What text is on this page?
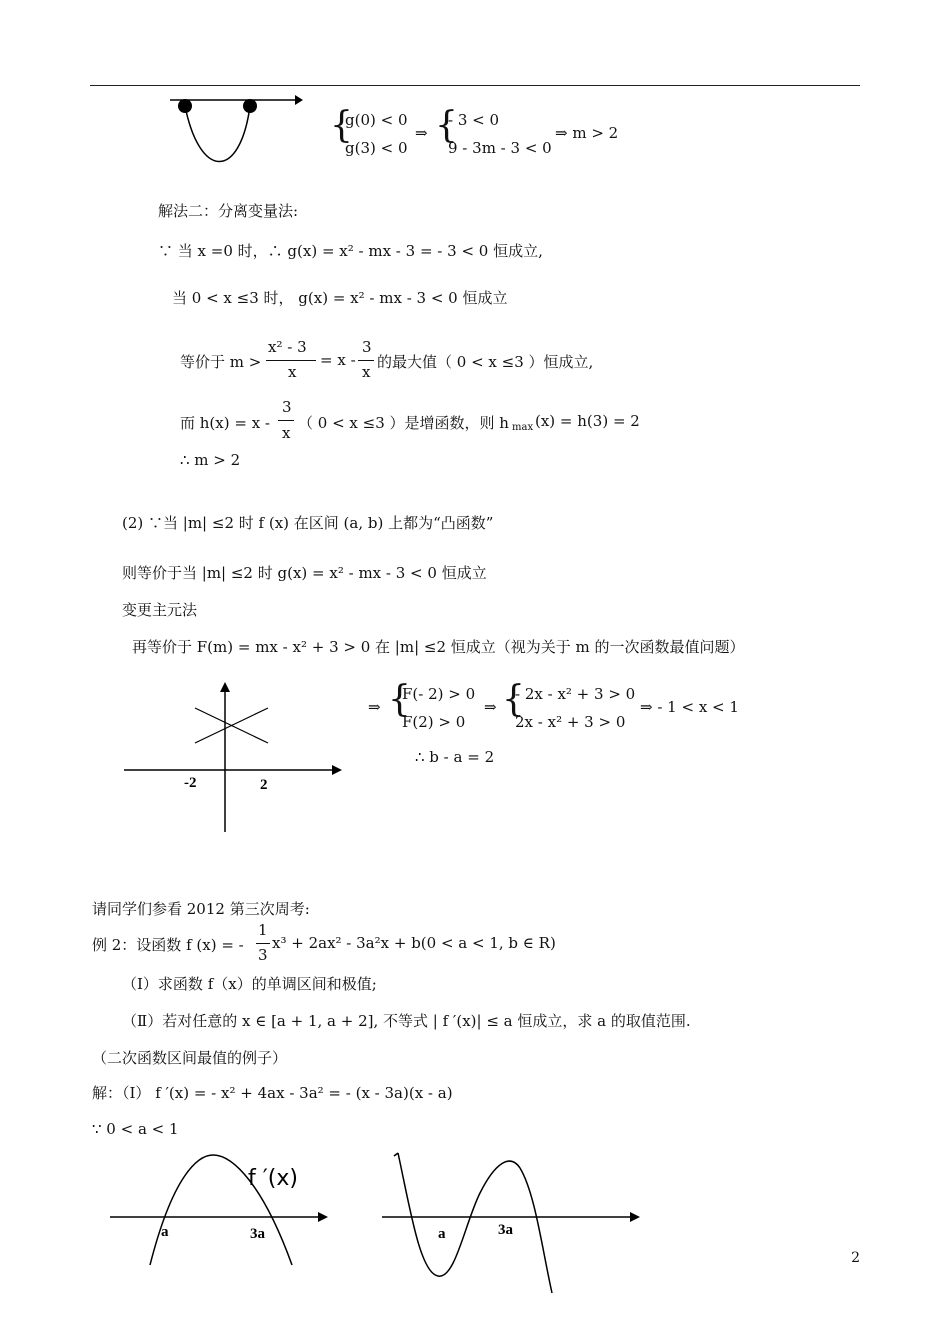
{
g(0) < 0
g(3) < 0
⇒ {
- 3 < 0
9 - 3m - 3 < 0
⇒ m > 2
解法二：分离变量法:
∵ 当 x =0 时，∴ g(x) = x² - mx - 3 = - 3 < 0 恒成立,
当 0 < x ≤3 时， g(x) = x² - mx - 3 < 0 恒成立
等价于 m >
x² - 3
x
= x -
3
x
的最大值（ 0 < x ≤3 ）恒成立,
而 h(x) = x -
3
x
（ 0 < x ≤3 ）是增函数，则 h max (x) = h(3) = 2
∴ m > 2
(2) ∵当 |m| ≤2 时 f (x) 在区间 (a, b) 上都为“凸函数”
则等价于当 |m| ≤2 时 g(x) = x² - mx - 3 < 0 恒成立
变更主元法
再等价于 F(m) = mx - x² + 3 > 0 在 |m| ≤2 恒成立（视为关于 m 的一次函数最值问题）
-2	2
⇒ {
F(- 2) > 0
F(2) > 0
⇒ {
- 2x - x² + 3 > 0
2x - x² + 3 > 0
⇒ - 1 < x < 1
∴ b - a = 2
请同学们参看 2012 第三次周考:
例 2：设函数 f (x) = -
1
3
x³ + 2ax² - 3a²x + b(0 < a < 1, b ∈ R)
（Ⅰ）求函数 f（x）的单调区间和极值;
（Ⅱ）若对任意的 x ∈ [a + 1, a + 2], 不等式 | f ′(x)| ≤ a 恒成立，求 a 的取值范围.
（二次函数区间最值的例子）
解：（Ⅰ） f ′(x) = - x² + 4ax - 3a² = - (x - 3a)(x - a)
∵ 0 < a < 1
a	3a
f ′(x)
a	3a
2
